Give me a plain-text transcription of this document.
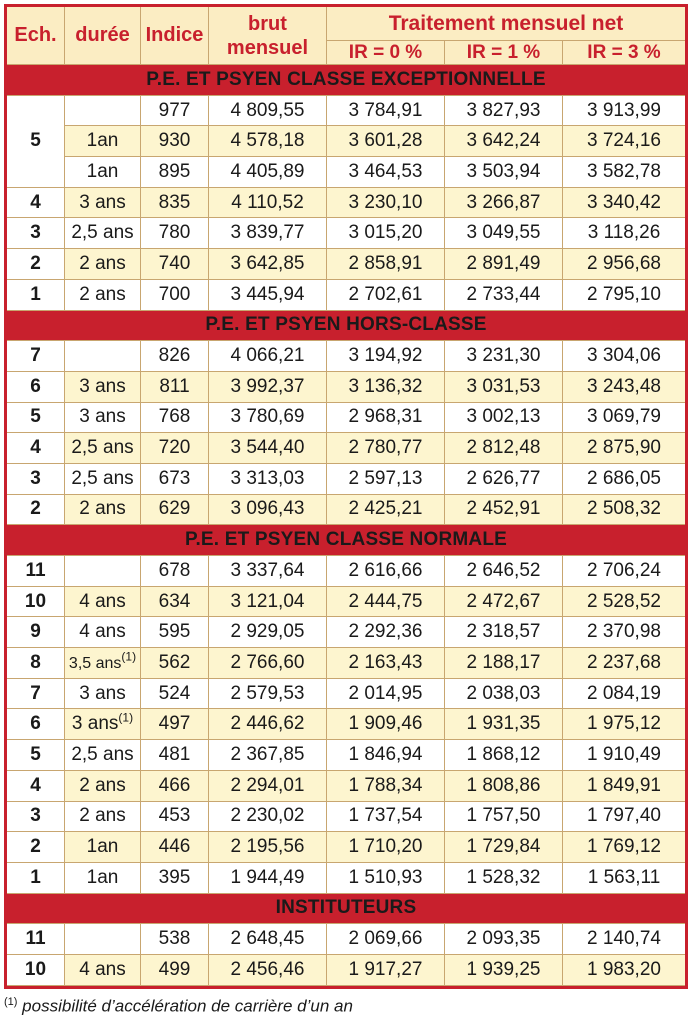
Ech.	durée	Indice	brut mensuel	Traitement mensuel net		
				IR = 0 %	IR = 1 %	IR = 3 %
P.E. ET PSYEN CLASSE EXCEPTIONNELLE						
5		977	4 809,55	3 784,91	3 827,93	3 913,99
	1an	930	4 578,18	3 601,28	3 642,24	3 724,16
	1an	895	4 405,89	3 464,53	3 503,94	3 582,78
4	3 ans	835	4 110,52	3 230,10	3 266,87	3 340,42
3	2,5 ans	780	3 839,77	3 015,20	3 049,55	3 118,26
2	2 ans	740	3 642,85	2 858,91	2 891,49	2 956,68
1	2 ans	700	3 445,94	2 702,61	2 733,44	2 795,10
P.E. ET PSYEN HORS-CLASSE						
7		826	4 066,21	3 194,92	3 231,30	3 304,06
6	3 ans	811	3 992,37	3 136,32	3 031,53	3 243,48
5	3 ans	768	3 780,69	2 968,31	3 002,13	3 069,79
4	2,5 ans	720	3 544,40	2 780,77	2 812,48	2 875,90
3	2,5 ans	673	3 313,03	2 597,13	2 626,77	2 686,05
2	2 ans	629	3 096,43	2 425,21	2 452,91	2 508,32
P.E. ET PSYEN CLASSE NORMALE						
11		678	3 337,64	2 616,66	2 646,52	2 706,24
10	4 ans	634	3 121,04	2 444,75	2 472,67	2 528,52
9	4 ans	595	2 929,05	2 292,36	2 318,57	2 370,98
8	3,5 ans$^{(1)}$	562	2 766,60	2 163,43	2 188,17	2 237,68
7	3 ans	524	2 579,53	2 014,95	2 038,03	2 084,19
6	3 ans$^{(1)}$	497	2 446,62	1 909,46	1 931,35	1 975,12
5	2,5 ans	481	2 367,85	1 846,94	1 868,12	1 910,49
4	2 ans	466	2 294,01	1 788,34	1 808,86	1 849,91
3	2 ans	453	2 230,02	1 737,54	1 757,50	1 797,40
2	1an	446	2 195,56	1 710,20	1 729,84	1 769,12
1	1an	395	1 944,49	1 510,93	1 528,32	1 563,11
INSTITUTEURS						
11		538	2 648,45	2 069,66	2 093,35	2 140,74
10	4 ans	499	2 456,46	1 917,27	1 939,25	1 983,20
$^{(1)}$ possibilité d’accélération de carrière d’un an
